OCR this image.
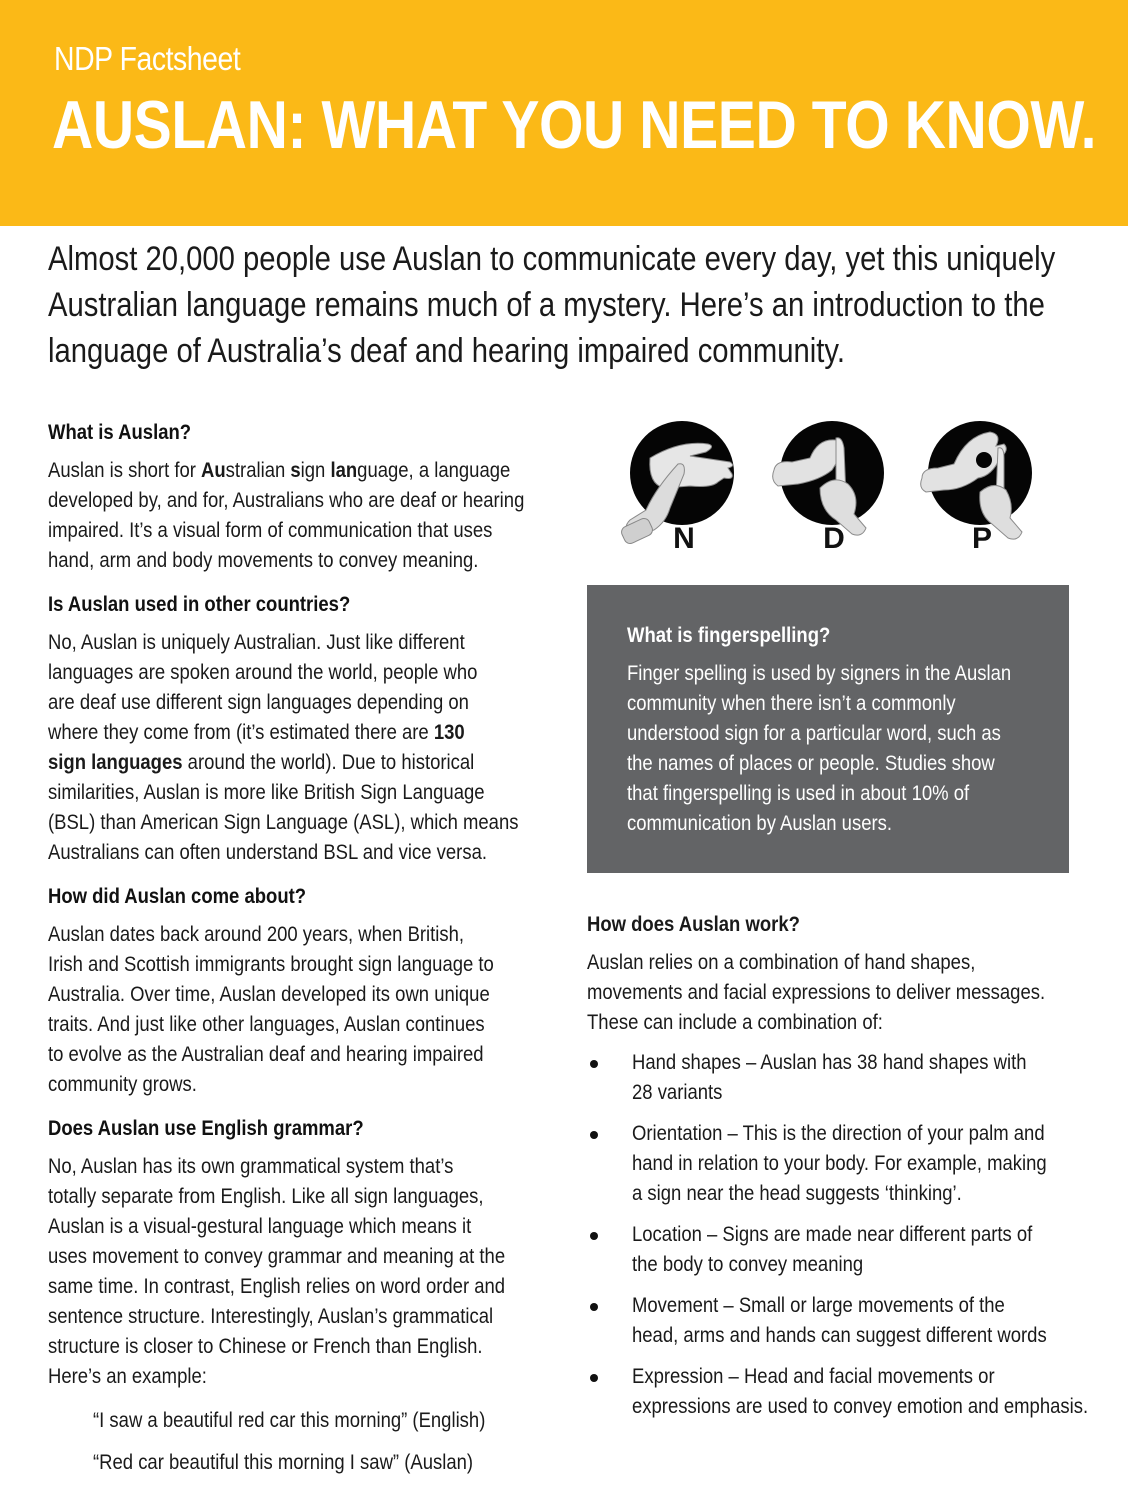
NDP Factsheet
AUSLAN: WHAT YOU NEED TO KNOW.
Almost 20,000 people use Auslan to communicate every day, yet this uniquely
Australian language remains much of a mystery. Here’s an introduction to the
language of Australia’s deaf and hearing impaired community.
What is Auslan?
Auslan is short for Australian sign language, a language
developed by, and for, Australians who are deaf or hearing
impaired. It’s a visual form of communication that uses
hand, arm and body movements to convey meaning.
Is Auslan used in other countries?
No, Auslan is uniquely Australian. Just like different
languages are spoken around the world, people who
are deaf use different sign languages depending on
where they come from (it’s estimated there are 130
sign languages around the world). Due to historical
similarities, Auslan is more like British Sign Language
(BSL) than American Sign Language (ASL), which means
Australians can often understand BSL and vice versa.
How did Auslan come about?
Auslan dates back around 200 years, when British,
Irish and Scottish immigrants brought sign language to
Australia. Over time, Auslan developed its own unique
traits. And just like other languages, Auslan continues
to evolve as the Australian deaf and hearing impaired
community grows.
Does Auslan use English grammar?
No, Auslan has its own grammatical system that’s
totally separate from English. Like all sign languages,
Auslan is a visual-gestural language which means it
uses movement to convey grammar and meaning at the
same time. In contrast, English relies on word order and
sentence structure. Interestingly, Auslan’s grammatical
structure is closer to Chinese or French than English.
Here’s an example:
“I saw a beautiful red car this morning” (English)
“Red car beautiful this morning I saw” (Auslan)
N	D	P
What is fingerspelling?
Finger spelling is used by signers in the Auslan
community when there isn’t a commonly
understood sign for a particular word, such as
the names of places or people. Studies show
that fingerspelling is used in about 10% of
communication by Auslan users.
How does Auslan work?
Auslan relies on a combination of hand shapes,
movements and facial expressions to deliver messages.
These can include a combination of:
Hand shapes – Auslan has 38 hand shapes with
28 variants
Orientation – This is the direction of your palm and
hand in relation to your body. For example, making
a sign near the head suggests ‘thinking’.
Location – Signs are made near different parts of
the body to convey meaning
Movement – Small or large movements of the
head, arms and hands can suggest different words
Expression – Head and facial movements or
expressions are used to convey emotion and emphasis.
